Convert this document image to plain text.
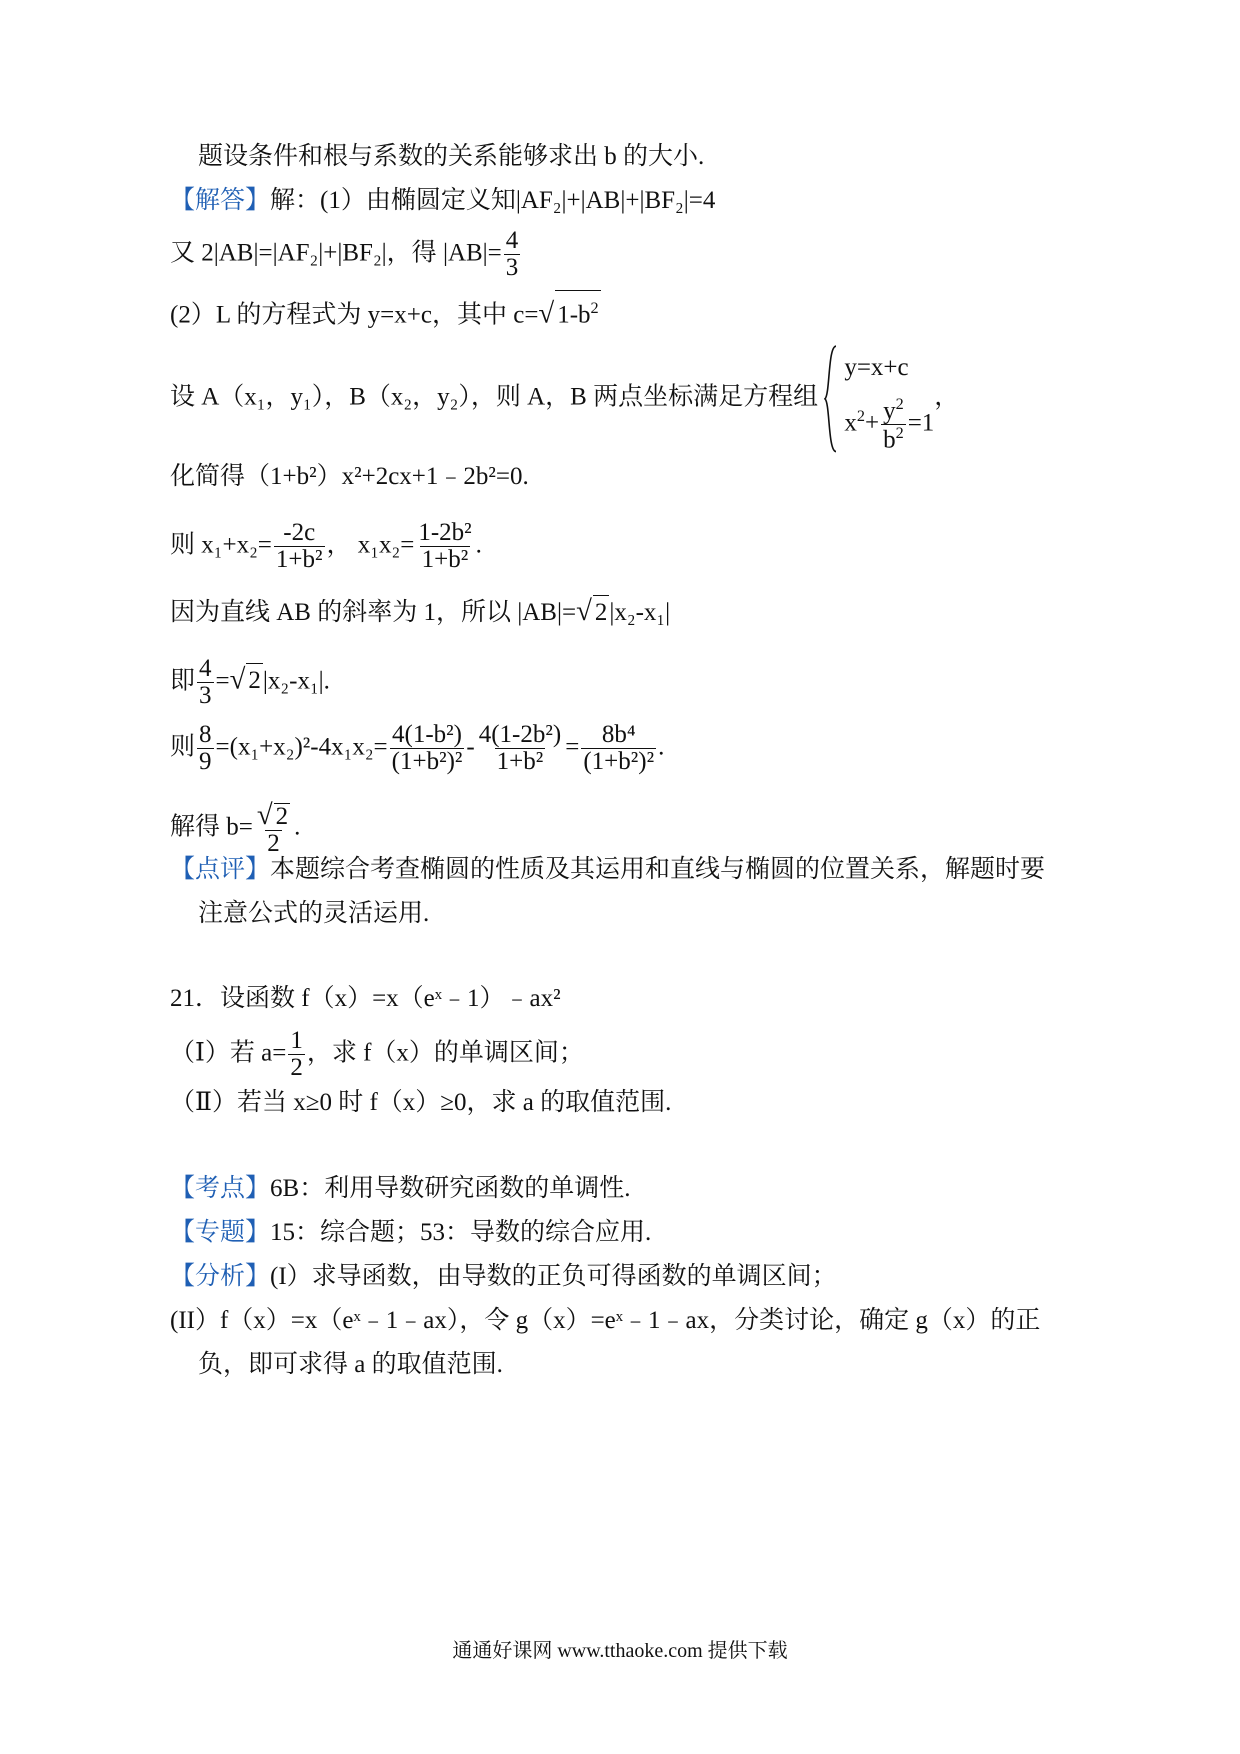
题设条件和根与系数的关系能够求出 b 的大小.
【解答】解：(1）由椭圆定义知|AF₂|+|AB|+|BF₂|=4
又 2|AB|=|AF₂|+|BF₂|，得 $|AB|= \frac{4}{3}$
(2）L 的方程式为 y=x+c，其中 c=√ $1-b^2$
设 A（x₁，y₁），B（x₂，y₂），则 A，B 两点坐标满足方程组
y=x+c
$x^2+ \frac{y^2}{b^2} =1$
，
化简得（1+b²）x²+2cx+1﹣2b²=0.
则 $x_1+x_2= \frac{-2c}{\text{1+b²}}$ ， $x_1x_2= \frac{\text{1-2b²}}{\text{1+b²}}$ .
因为直线 AB 的斜率为 1，所以 |AB|=√ 2|x₂-x₁|
即 $\frac{4}{3}$ =√ 2|x₂-x₁|.
则 $\frac{8}{9} =(x_1+x_2)^2-4x_1x_2= \frac{\text{4(1-b²)}}{\text{(1+b²)²}} - \frac{\text{4(1-2b²)}}{\text{1+b²}} = \frac{\text{8b⁴}}{\text{(1+b²)²}}$ .
解得 $b= \frac{√ 2}{2}$ .
【点评】本题综合考查椭圆的性质及其运用和直线与椭圆的位置关系，解题时要
注意公式的灵活运用.
21．设函数 f（x）=x（eˣ﹣1）﹣ax²
（Ⅰ）若 $a= \frac{1}{2}$ ，求 f（x）的单调区间；
（Ⅱ）若当 x≥0 时 f（x）≥0，求 a 的取值范围.
【考点】6B：利用导数研究函数的单调性.
【专题】15：综合题；53：导数的综合应用.
【分析】(I）求导函数，由导数的正负可得函数的单调区间；
(II）f（x）=x（eˣ﹣1﹣ax），令 g（x）=eˣ﹣1﹣ax，分类讨论，确定 g（x）的正
负，即可求得 a 的取值范围.
通通好课网 www.tthaoke.com 提供下载
